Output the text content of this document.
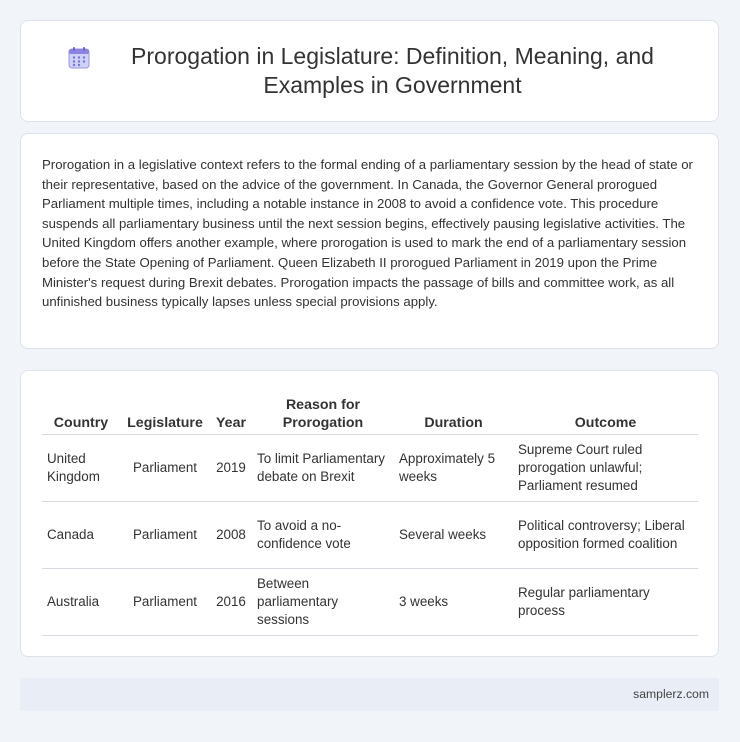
Prorogation in Legislature: Definition, Meaning, and Examples in Government

Prorogation in a legislative context refers to the formal ending of a parliamentary session by the head of state or their representative, based on the advice of the government. In Canada, the Governor General prorogued Parliament multiple times, including a notable instance in 2008 to avoid a confidence vote. This procedure suspends all parliamentary business until the next session begins, effectively pausing legislative activities. The United Kingdom offers another example, where prorogation is used to mark the end of a parliamentary session before the State Opening of Parliament. Queen Elizabeth II prorogued Parliament in 2019 upon the Prime Minister's request during Brexit debates. Prorogation impacts the passage of bills and committee work, as all unfinished business typically lapses unless special provisions apply.

Country	Legislature	Year	Reason for Prorogation	Duration	Outcome
United Kingdom	Parliament	2019	To limit Parliamentary debate on Brexit	Approximately 5 weeks	Supreme Court ruled prorogation unlawful; Parliament resumed
Canada	Parliament	2008	To avoid a no-confidence vote	Several weeks	Political controversy; Liberal opposition formed coalition
Australia	Parliament	2016	Between parliamentary sessions	3 weeks	Regular parliamentary process
samplerz.com
